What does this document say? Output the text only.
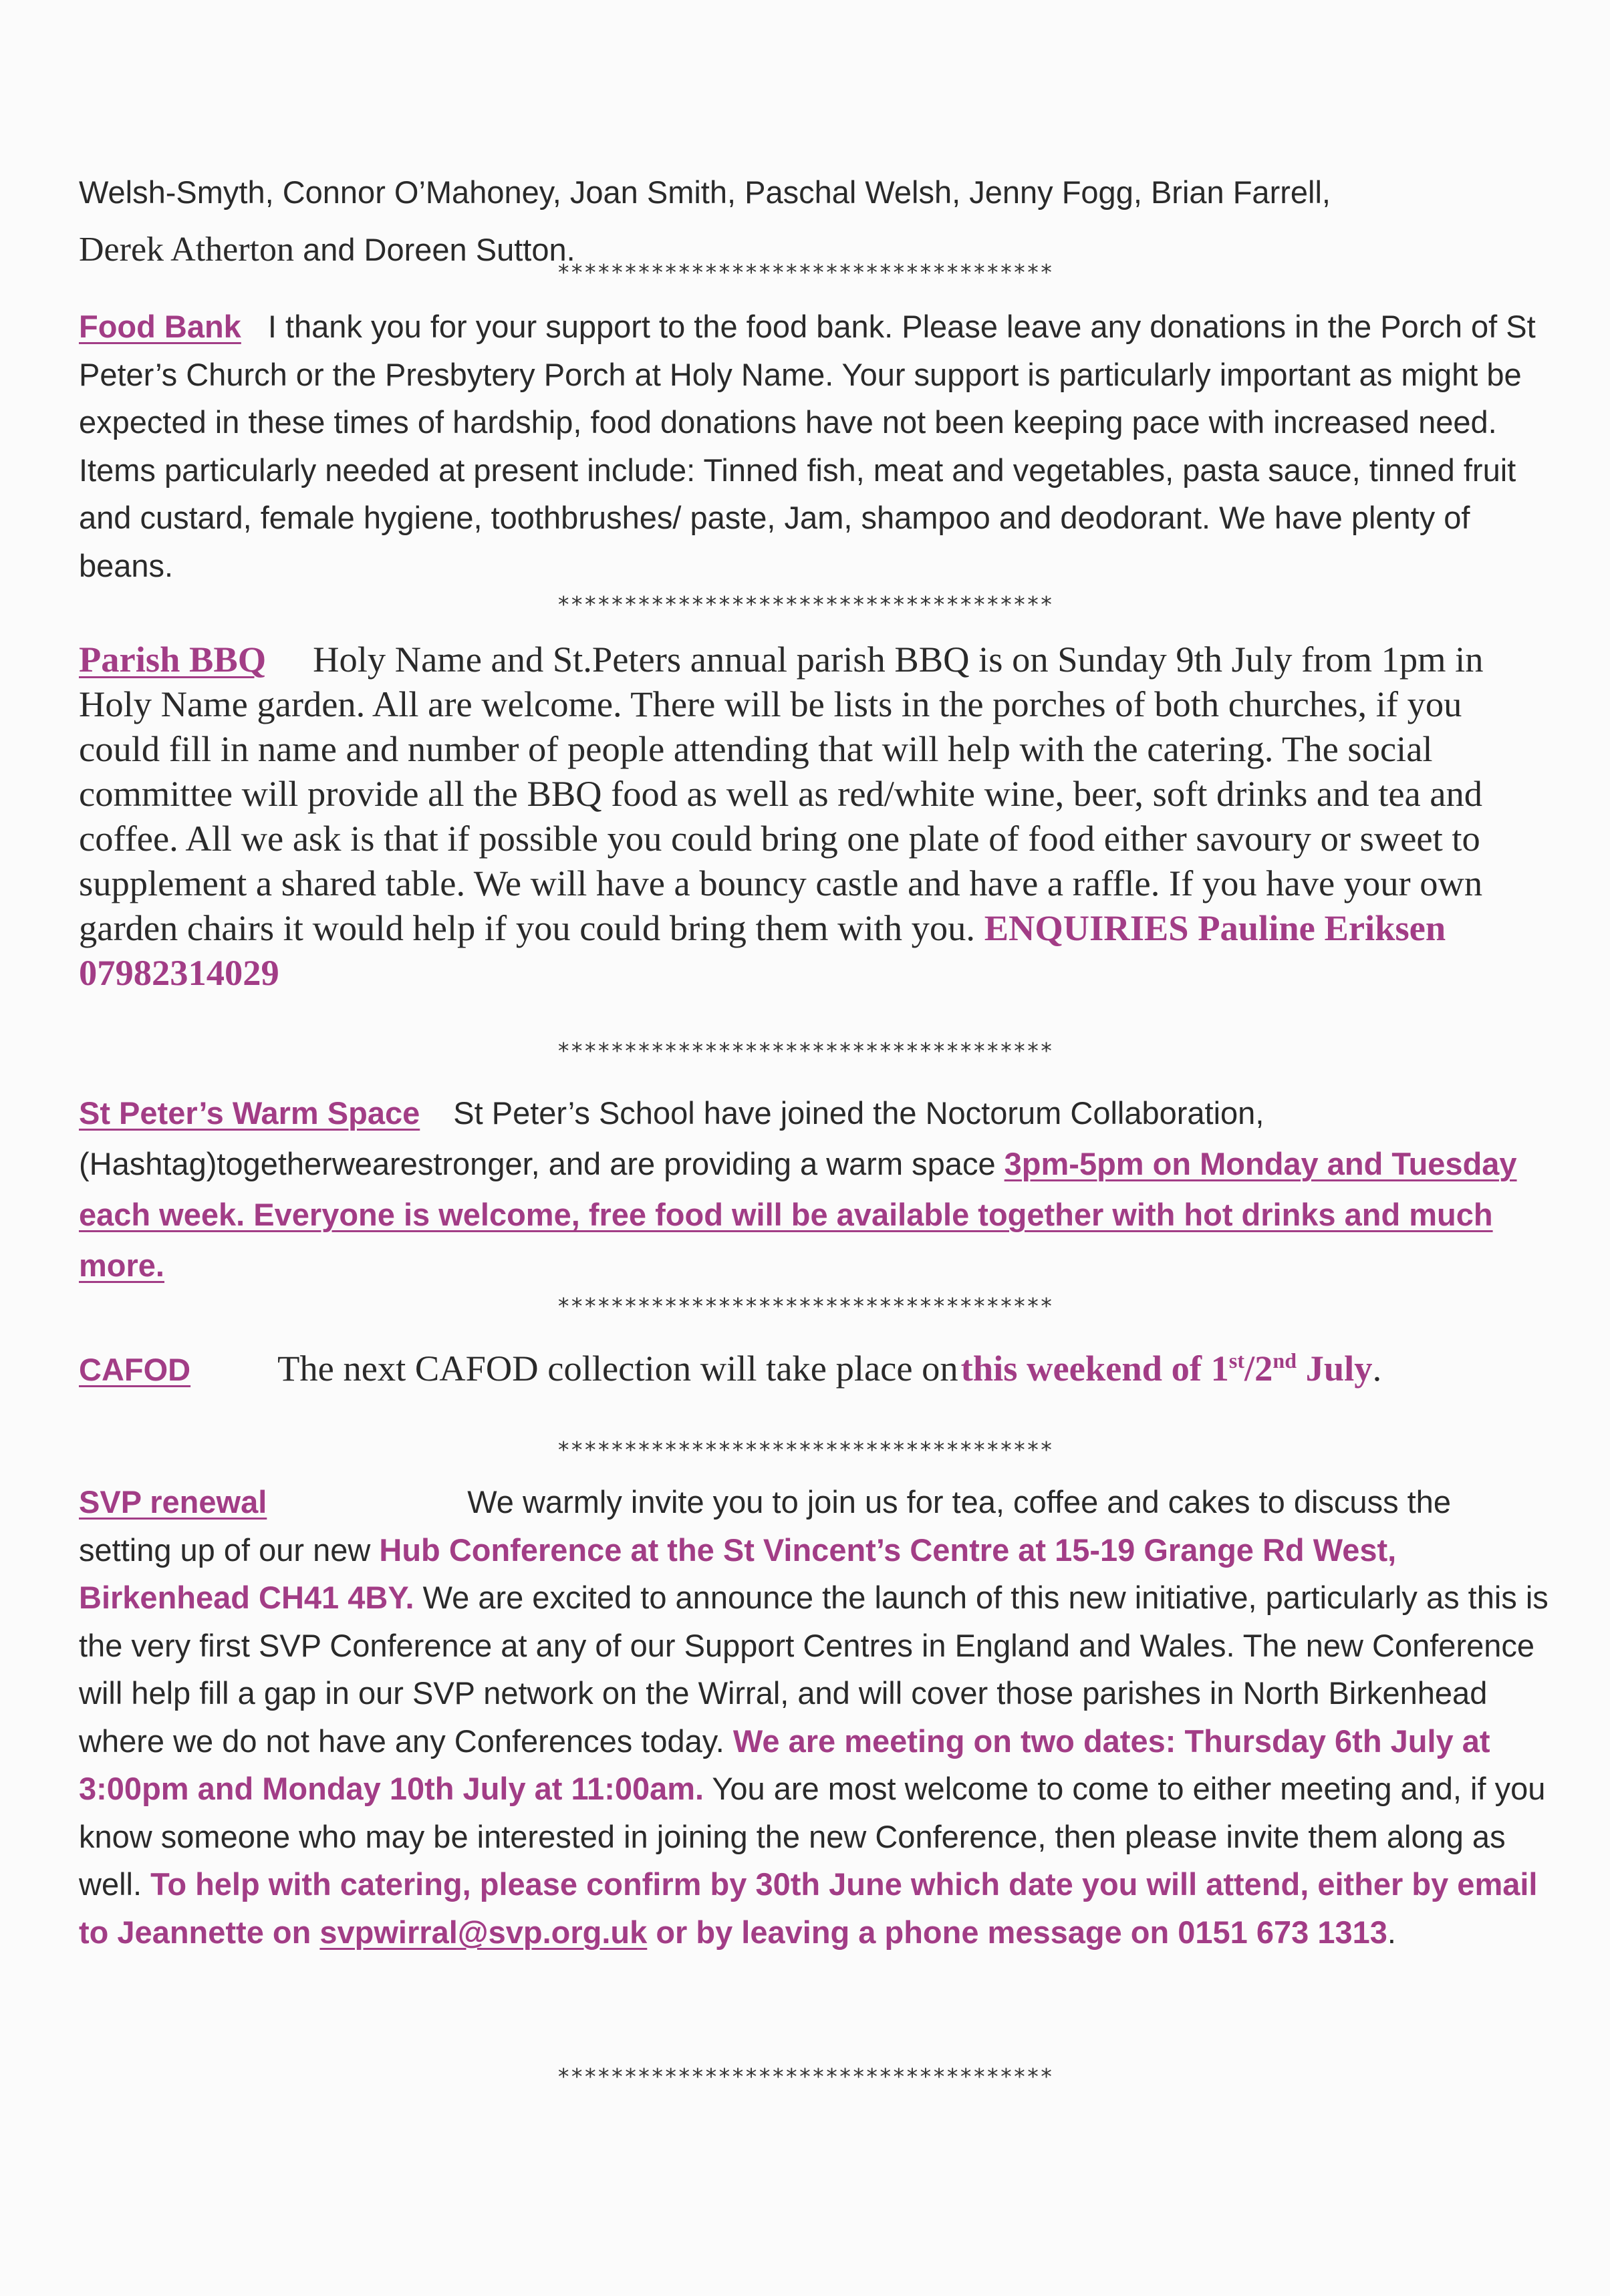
Welsh-Smyth, Connor O’Mahoney, Joan Smith, Paschal Welsh, Jenny Fogg, Brian Farrell,
Derek Atherton and Doreen Sutton.

*************************************

Food Bank I thank you for your support to the food bank. Please leave any donations in the Porch of St Peter’s Church or the Presbytery Porch at Holy Name. Your support is particularly important as might be expected in these times of hardship, food donations have not been keeping pace with increased need. Items particularly needed at present include: Tinned fish, meat and vegetables, pasta sauce, tinned fruit and custard, female hygiene, toothbrushes/ paste, Jam, shampoo and deodorant. We have plenty of beans.

*************************************

Parish BBQ Holy Name and St.Peters annual parish BBQ is on Sunday 9th July from 1pm in Holy Name garden. All are welcome. There will be lists in the porches of both churches, if you could fill in name and number of people attending that will help with the catering. The social committee will provide all the BBQ food as well as red/white wine, beer, soft drinks and tea and coffee. All we ask is that if possible you could bring one plate of food either savoury or sweet to supplement a shared table. We will have a bouncy castle and have a raffle. If you have your own garden chairs it would help if you could bring them with you. ENQUIRIES Pauline Eriksen 07982314029

*************************************

St Peter’s Warm Space St Peter’s School have joined the Noctorum Collaboration, (Hashtag)togetherwearestronger, and are providing a warm space 3pm-5pm on Monday and Tuesday each week. Everyone is welcome, free food will be available together with hot drinks and much more.

*************************************

CAFOD The next CAFOD collection will take place on this weekend of 1st/2nd July.

*************************************

SVP renewal	We warmly invite you to join us for tea, coffee and cakes to discuss the setting up of our new Hub Conference at the St Vincent’s Centre at 15-19 Grange Rd West, Birkenhead CH41 4BY. We are excited to announce the launch of this new initiative, particularly as this is the very first SVP Conference at any of our Support Centres in England and Wales. The new Conference will help fill a gap in our SVP network on the Wirral, and will cover those parishes in North Birkenhead where we do not have any Conferences today. We are meeting on two dates: Thursday 6th July at 3:00pm and Monday 10th July at 11:00am. You are most welcome to come to either meeting and, if you know someone who may be interested in joining the new Conference, then please invite them along as well. To help with catering, please confirm by 30th June which date you will attend, either by email to Jeannette on svpwirral@svp.org.uk or by leaving a phone message on 0151 673 1313.

*************************************
